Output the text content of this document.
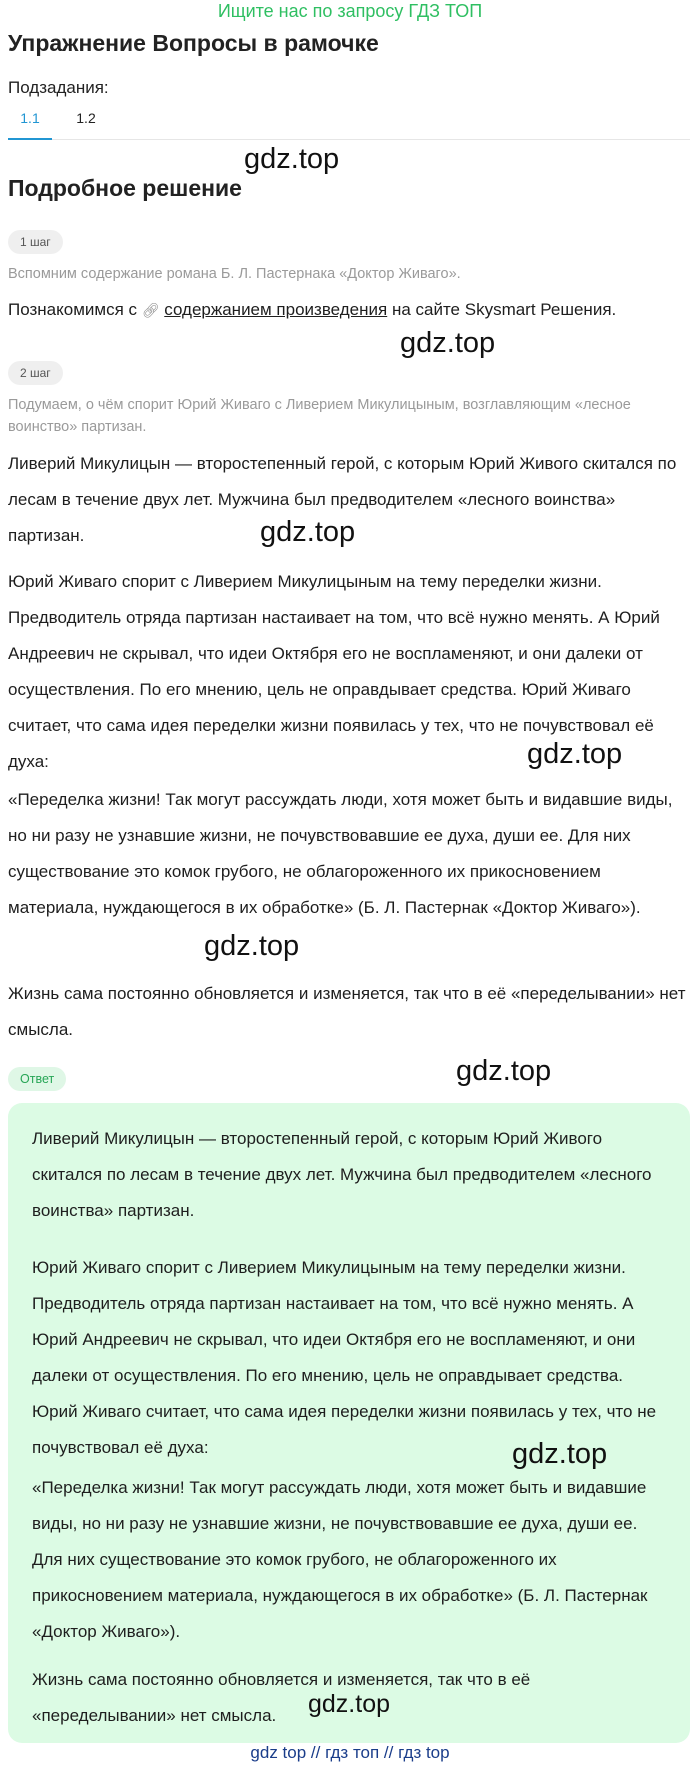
Ищите нас по запросу ГДЗ ТОП
Упражнение Вопросы в рамочке
Подзадания:
1.1	1.2
Подробное решение
1 шаг
Вспомним содержание романа Б. Л. Пастернака «Доктор Живаго».
Познакомимся с 🔗︎ содержанием произведения на сайте Skysmart Решения.
2 шаг
Подумаем, о чём спорит Юрий Живаго с Ливерием Микулицыным, возглавляющим «лесное воинство» партизан.

Ливерий Микулицын — второстепенный герой, с которым Юрий Живого скитался по лесам в течение двух лет. Мужчина был предводителем «лесного воинства» партизан.

Юрий Живаго спорит с Ливерием Микулицыным на тему переделки жизни. Предводитель отряда партизан настаивает на том, что всё нужно менять. А Юрий Андреевич не скрывал, что идеи Октября его не воспламеняют, и они далеки от осуществления. По его мнению, цель не оправдывает средства. Юрий Живаго считает, что сама идея переделки жизни появилась у тех, что не почувствовал её духа:

«Переделка жизни! Так могут рассуждать люди, хотя может быть и видавшие виды, но ни разу не узнавшие жизни, не почувствовавшие ее духа, души ее. Для них существование это комок грубого, не облагороженного их прикосновением материала, нуждающегося в их обработке» (Б. Л. Пастернак «Доктор Живаго»).

Жизнь сама постоянно обновляется и изменяется, так что в её «переделывании» нет смысла.

Ответ

Ливерий Микулицын — второстепенный герой, с которым Юрий Живого скитался по лесам в течение двух лет. Мужчина был предводителем «лесного воинства» партизан.

Юрий Живаго спорит с Ливерием Микулицыным на тему переделки жизни. Предводитель отряда партизан настаивает на том, что всё нужно менять. А Юрий Андреевич не скрывал, что идеи Октября его не воспламеняют, и они далеки от осуществления. По его мнению, цель не оправдывает средства. Юрий Живаго считает, что сама идея переделки жизни появилась у тех, что не почувствовал её духа:

«Переделка жизни! Так могут рассуждать люди, хотя может быть и видавшие виды, но ни разу не узнавшие жизни, не почувствовавшие ее духа, души ее. Для них существование это комок грубого, не облагороженного их прикосновением материала, нуждающегося в их обработке» (Б. Л. Пастернак «Доктор Живаго»).

Жизнь сама постоянно обновляется и изменяется, так что в её «переделывании» нет смысла.

gdz.top
gdz.top
gdz.top
gdz.top
gdz.top
gdz.top
gdz.top
gdz.top
gdz top // гдз топ // гдз top
